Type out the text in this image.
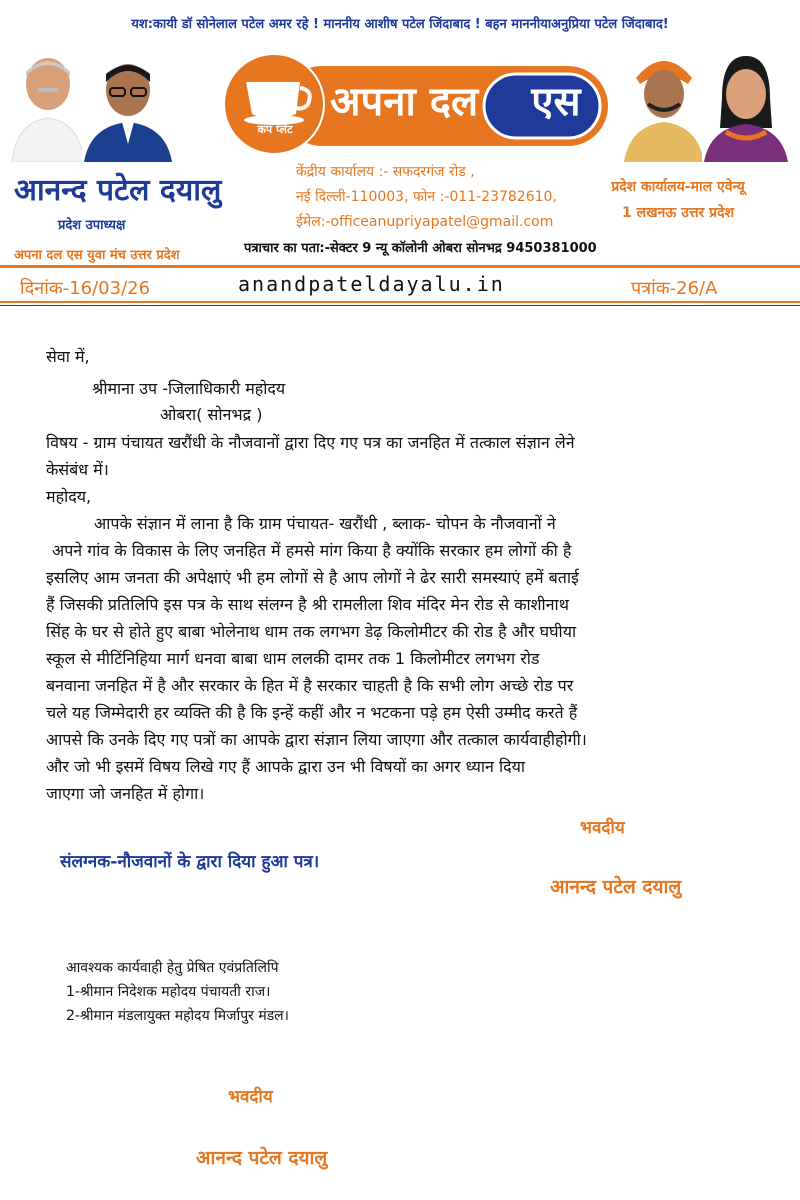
यश:कायी डॉ सोनेलाल पटेल अमर रहे ! माननीय आशीष पटेल जिंदाबाद ! बहन माननीयाअनुप्रिया पटेल जिंदाबाद!
अपना दल	एस
कप प्लेट
आनन्द पटेल दयालु
प्रदेश उपाध्यक्ष
अपना दल एस युवा मंच उत्तर प्रदेश
केंद्रीय कार्यालय :- सफदरगंज रोड ,
नई दिल्ली-110003, फोन :-011-23782610,
ईमेल:-officeanupriyapatel@gmail.com
प्रदेश कार्यालय-माल एवेन्यू
1 लखनऊ उत्तर प्रदेश
पत्राचार का पता:-सेक्टर 9 न्यू कॉलोनी ओबरा सोनभद्र 9450381000
दिनांक-16/03/26	anandpateldayalu.in	पत्रांक-26/A
सेवा में,
श्रीमाना उप -जिलाधिकारी महोदय
ओबरा( सोनभद्र )
विषय - ग्राम पंचायत खरौंधी के नौजवानों द्वारा दिए गए पत्र का जनहित में तत्काल संज्ञान लेने
केसंबंध में।
महोदय,
आपके संज्ञान में लाना है कि ग्राम पंचायत- खरौंधी , ब्लाक- चोपन के नौजवानों ने
अपने गांव के विकास के लिए जनहित में हमसे मांग किया है क्योंकि सरकार हम लोगों की है
इसलिए आम जनता की अपेक्षाएं भी हम लोगों से है आप लोगों ने ढेर सारी समस्याएं हमें बताई
हैं जिसकी प्रतिलिपि इस पत्र के साथ संलग्न है श्री रामलीला शिव मंदिर मेन रोड से काशीनाथ
सिंह के घर से होते हुए बाबा भोलेनाथ धाम तक लगभग डेढ़ किलोमीटर की रोड है और घघीया
स्कूल से मीटिंनिहिया मार्ग धनवा बाबा धाम ललकी दामर तक 1 किलोमीटर लगभग रोड
बनवाना जनहित में है और सरकार के हित में है सरकार चाहती है कि सभी लोग अच्छे रोड पर
चले यह जिम्मेदारी हर व्यक्ति की है कि इन्हें कहीं और न भटकना पड़े हम ऐसी उम्मीद करते हैं
आपसे कि उनके दिए गए पत्रों का आपके द्वारा संज्ञान लिया जाएगा और तत्काल कार्यवाहीहोगी।
और जो भी इसमें विषय लिखे गए हैं आपके द्वारा उन भी विषयों का अगर ध्यान दिया
जाएगा जो जनहित में होगा।
भवदीय
संलग्नक-नौजवानों के द्वारा दिया हुआ पत्र।
आनन्द पटेल दयालु
आवश्यक कार्यवाही हेतु प्रेषित एवंप्रतिलिपि
1-श्रीमान निदेशक महोदय पंचायती राज।
2-श्रीमान मंडलायुक्त महोदय मिर्जापुर मंडल।
भवदीय
आनन्द पटेल दयालु
